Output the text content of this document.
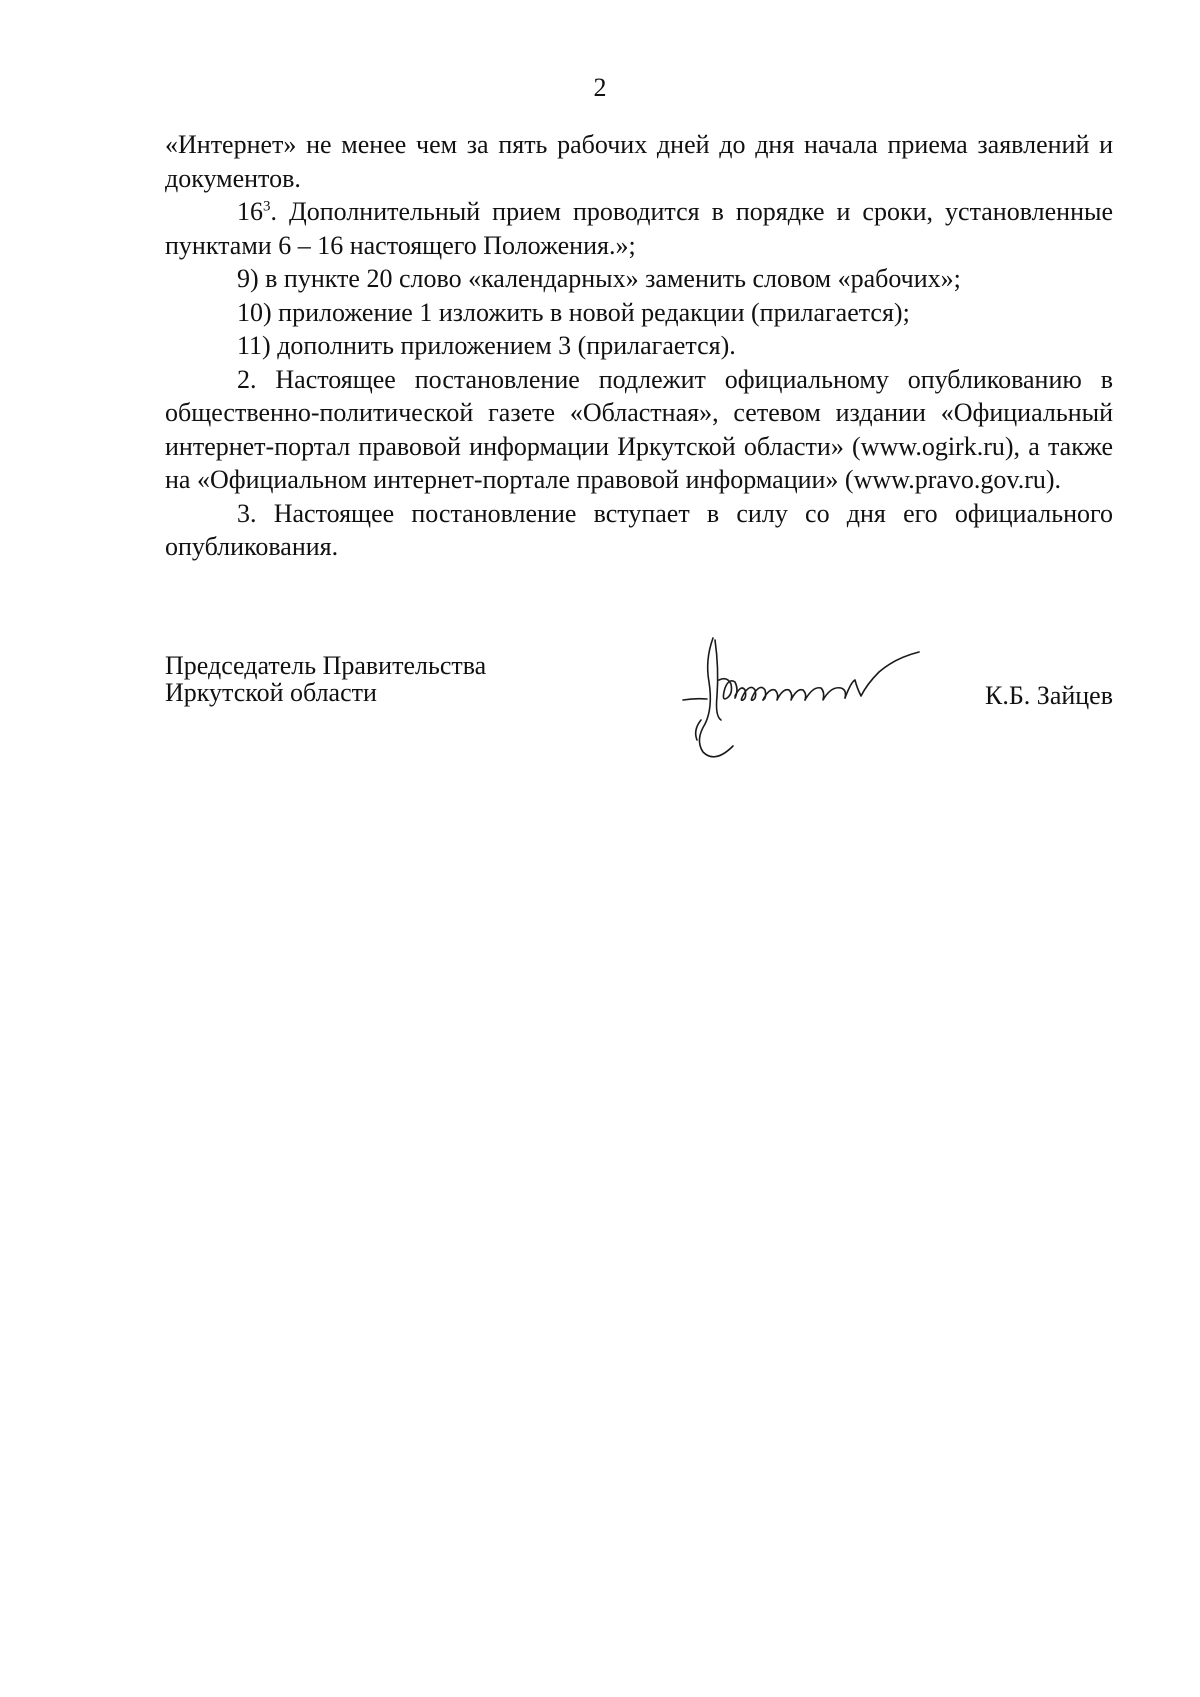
2

«Интернет» не менее чем за пять рабочих дней до дня начала приема заявлений и документов.

$16^3$. Дополнительный прием проводится в порядке и сроки, установленные пунктами 6 – 16 настоящего Положения.»;

9) в пункте 20 слово «календарных» заменить словом «рабочих»;

10) приложение 1 изложить в новой редакции (прилагается);

11) дополнить приложением 3 (прилагается).

2. Настоящее постановление подлежит официальному опубликованию в общественно-политической газете «Областная», сетевом издании «Официальный интернет-портал правовой информации Иркутской области» (www.ogirk.ru), а также на «Официальном интернет-портале правовой информации» (www.pravo.gov.ru).

3. Настоящее постановление вступает в силу со дня его официального опубликования.

Председатель Правительства
Иркутской области	К.Б. Зайцев
